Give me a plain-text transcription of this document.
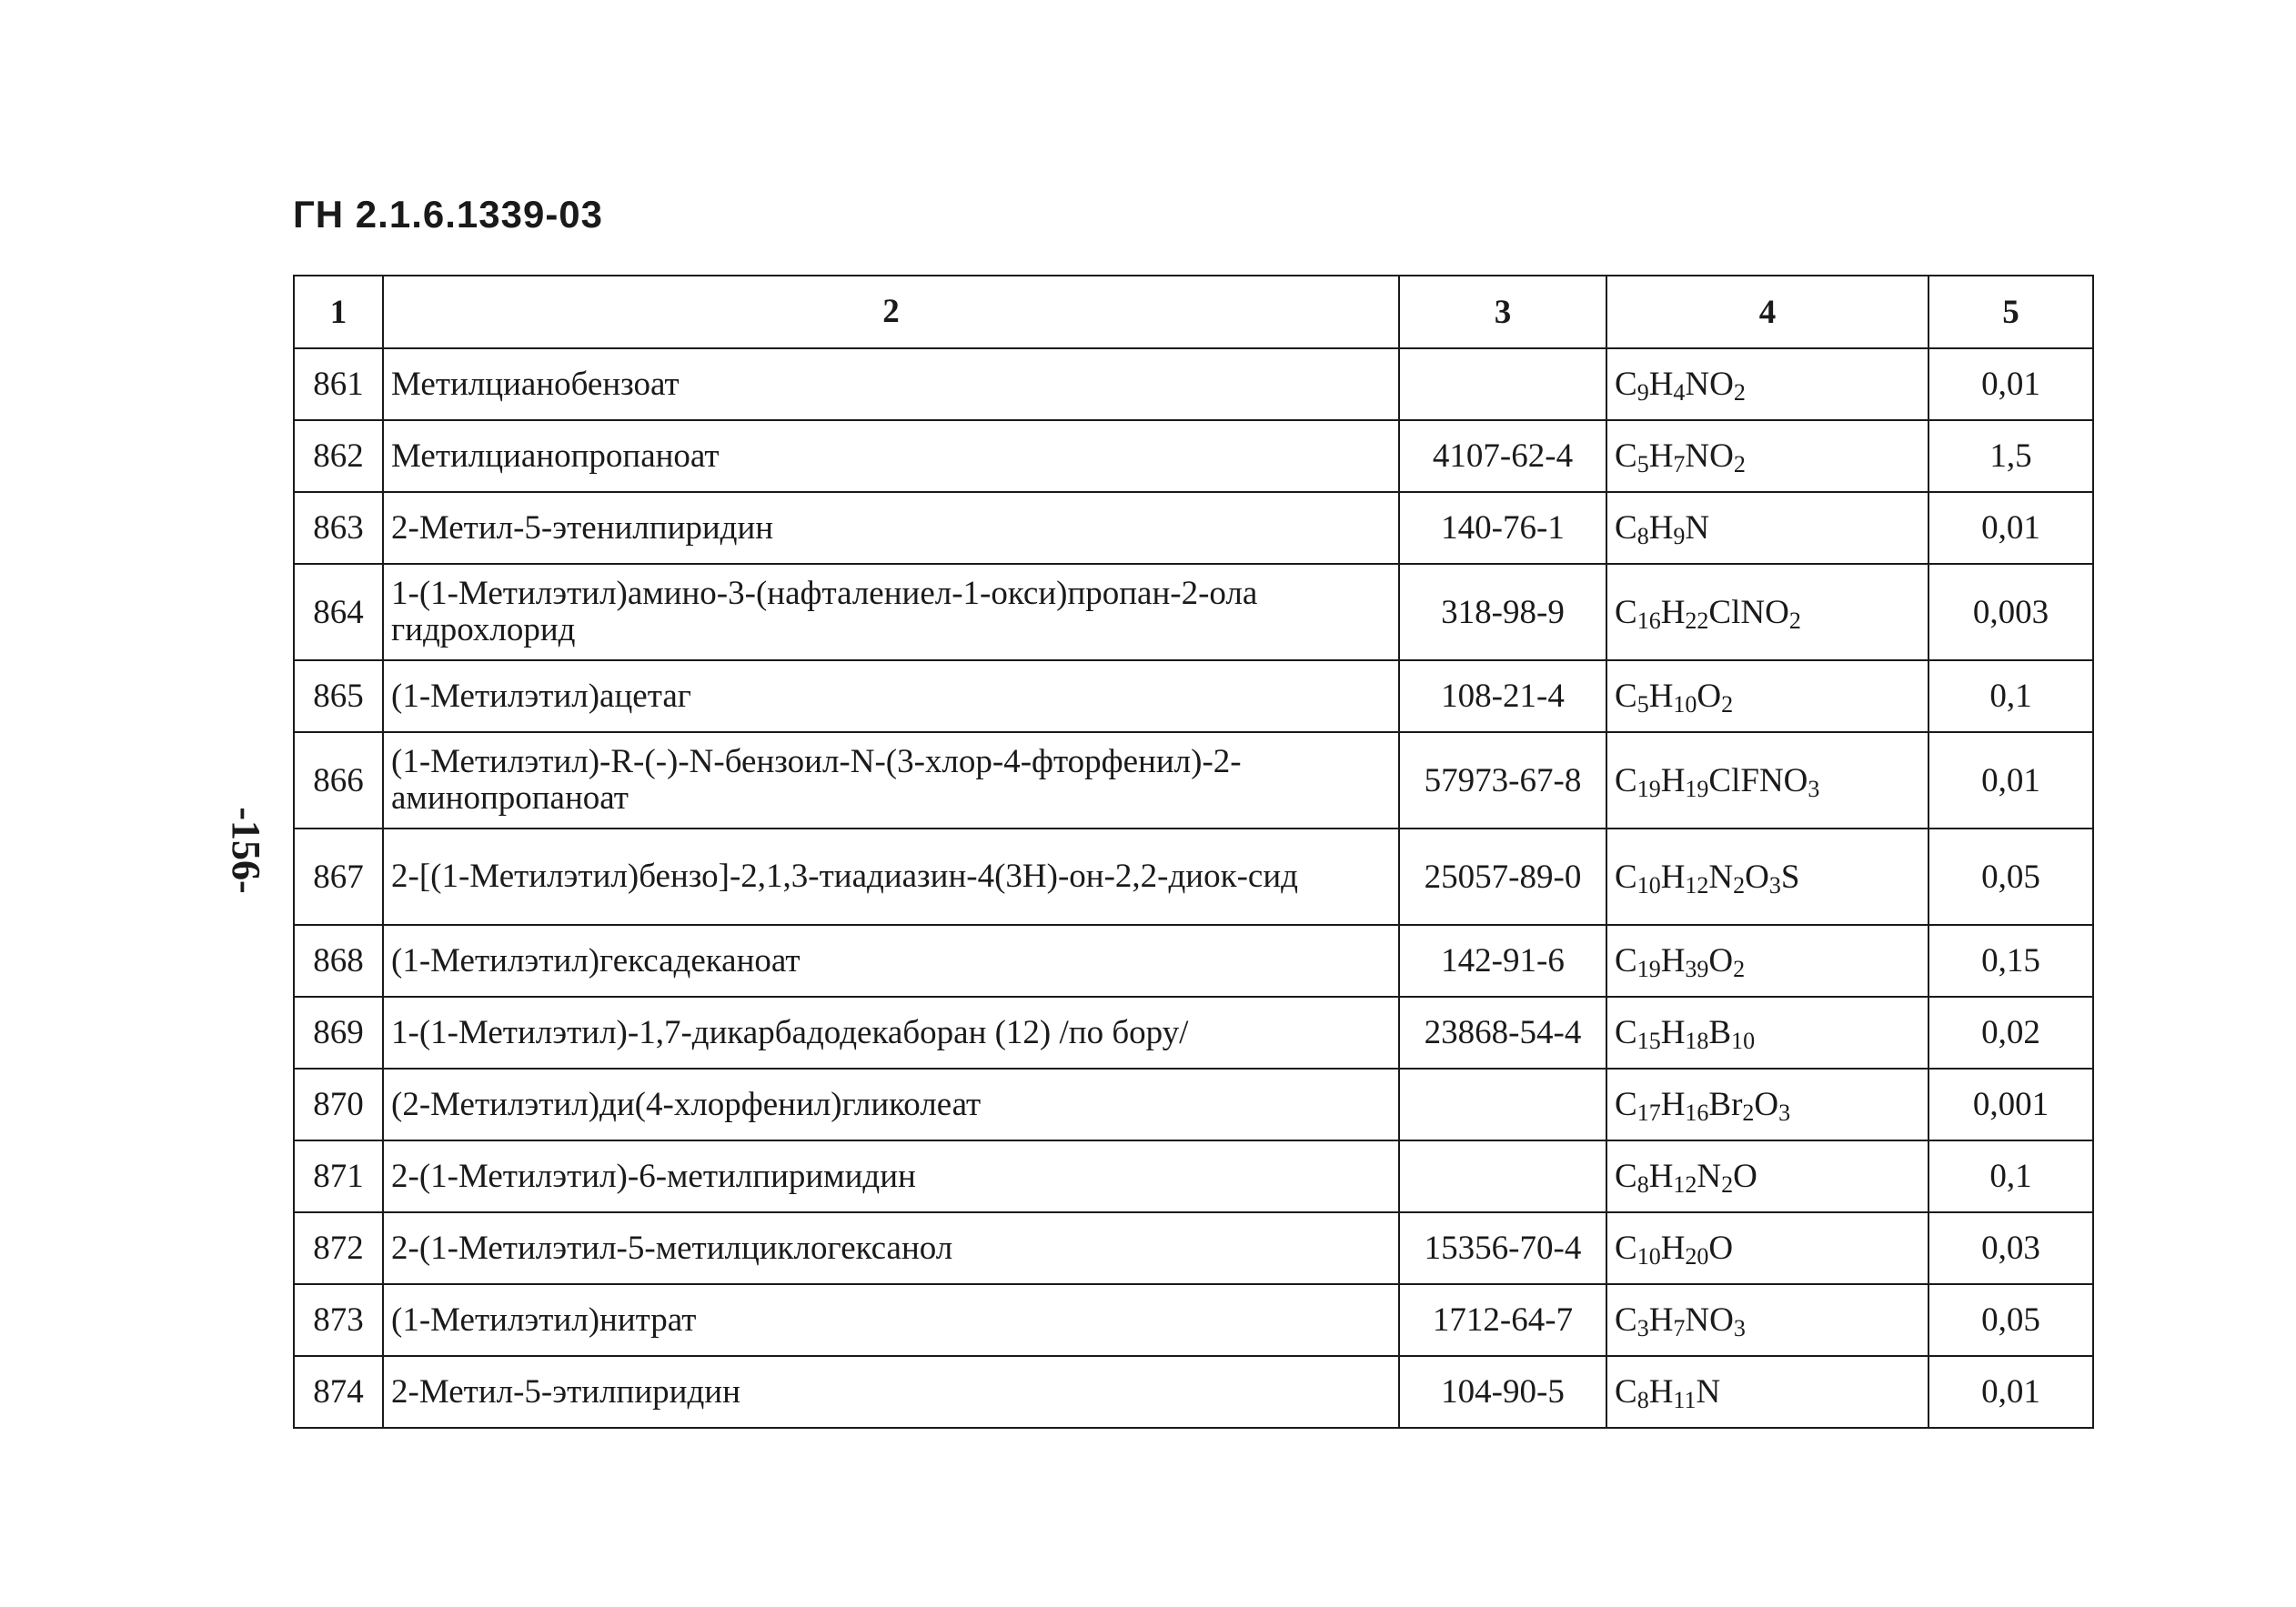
ГН 2.1.6.1339-03
-156-
1	2	3	4	5
861	Метилцианобензоат		$C_9H_4NO_2$	0,01
862	Метилцианопропаноат	4107-62-4	$C_5H_7NO_2$	1,5
863	2-Метил-5-этенилпиридин	140-76-1	$C_8H_9N$	0,01
864	1-(1-Метилэтил)амино-3-(нафталениел-1-окси)пропан-2-ола гидрохлорид	318-98-9	$C_{16}H_{22}ClNO_2$	0,003
865	(1-Метилэтил)ацетаг	108-21-4	$C_5H_{10}O_2$	0,1
866	(1-Метилэтил)-R-(-)-N-бензоил-N-(3-хлор-4-фторфенил)-2-аминопропаноат	57973-67-8	$C_{19}H_{19}ClFNO_3$	0,01
867	2-[(1-Метилэтил)бензо]-2,1,3-тиадиазин-4(3Н)-он-2,2-диок-сид	25057-89-0	$C_{10}H_{12}N_2O_3S$	0,05
868	(1-Метилэтил)гексадеканоат	142-91-6	$C_{19}H_{39}O_2$	0,15
869	1-(1-Метилэтил)-1,7-дикарбадодекаборан (12) /по бору/	23868-54-4	$C_{15}H_{18}B_{10}$	0,02
870	(2-Метилэтил)ди(4-хлорфенил)гликолеат		$C_{17}H_{16}Br_2O_3$	0,001
871	2-(1-Метилэтил)-6-метилпиримидин		$C_8H_{12}N_2O$	0,1
872	2-(1-Метилэтил-5-метилциклогексанол	15356-70-4	$C_{10}H_{20}O$	0,03
873	(1-Метилэтил)нитрат	1712-64-7	$C_3H_7NO_3$	0,05
874	2-Метил-5-этилпиридин	104-90-5	$C_8H_{11}N$	0,01
